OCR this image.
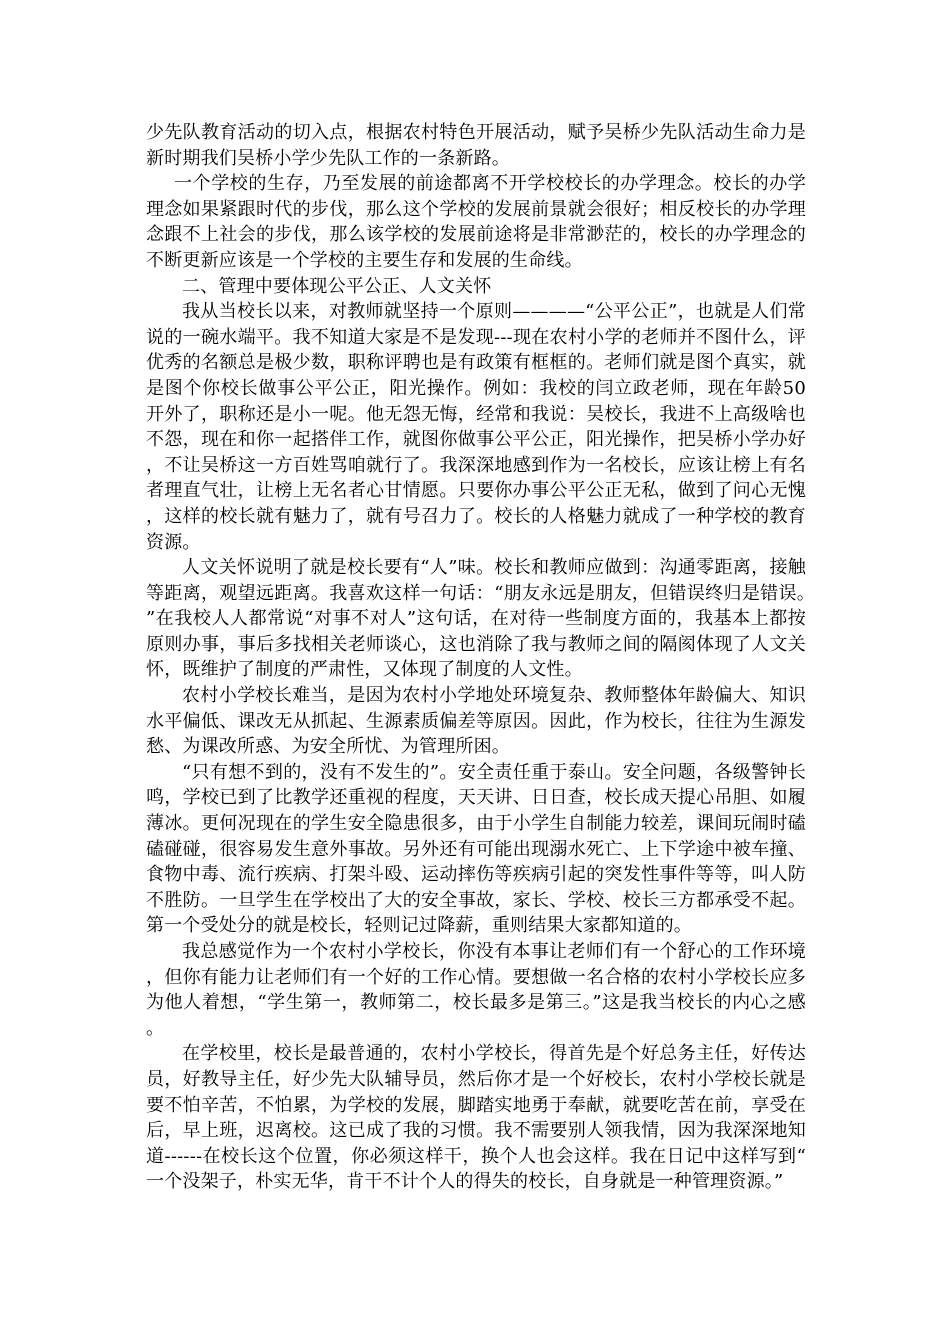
少先队教育活动的切入点，根据农村特色开展活动，赋予吴桥少先队活动生命力是新时期我们吴桥小学少先队工作的一条新路。

一个学校的生存，乃至发展的前途都离不开学校校长的办学理念。校长的办学理念如果紧跟时代的步伐，那么这个学校的发展前景就会很好；相反校长的办学理念跟不上社会的步伐，那么该学校的发展前途将是非常渺茫的，校长的办学理念的不断更新应该是一个学校的主要生存和发展的生命线。

二、管理中要体现公平公正、人文关怀

我从当校长以来，对教师就坚持一个原则————“公平公正”，也就是人们常说的一碗水端平。我不知道大家是不是发现---现在农村小学的老师并不图什么，评优秀的名额总是极少数，职称评聘也是有政策有框框的。老师们就是图个真实，就是图个你校长做事公平公正，阳光操作。例如：我校的闫立政老师，现在年龄50开外了，职称还是小一呢。他无怨无悔，经常和我说：吴校长，我进不上高级啥也不怨，现在和你一起搭伴工作，就图你做事公平公正，阳光操作，把吴桥小学办好，不让吴桥这一方百姓骂咱就行了。我深深地感到作为一名校长，应该让榜上有名者理直气壮，让榜上无名者心甘情愿。只要你办事公平公正无私，做到了问心无愧，这样的校长就有魅力了，就有号召力了。校长的人格魅力就成了一种学校的教育资源。

人文关怀说明了就是校长要有“人”味。校长和教师应做到：沟通零距离，接触等距离，观望远距离。我喜欢这样一句话：“朋友永远是朋友，但错误终归是错误。”在我校人人都常说“对事不对人”这句话，在对待一些制度方面的，我基本上都按原则办事，事后多找相关老师谈心，这也消除了我与教师之间的隔阂体现了人文关怀，既维护了制度的严肃性，又体现了制度的人文性。

农村小学校长难当，是因为农村小学地处环境复杂、教师整体年龄偏大、知识水平偏低、课改无从抓起、生源素质偏差等原因。因此，作为校长，往往为生源发愁、为课改所惑、为安全所忧、为管理所困。

“只有想不到的，没有不发生的”。安全责任重于泰山。安全问题，各级警钟长鸣，学校已到了比教学还重视的程度，天天讲、日日查，校长成天提心吊胆、如履薄冰。更何况现在的学生安全隐患很多，由于小学生自制能力较差，课间玩闹时磕磕碰碰，很容易发生意外事故。另外还有可能出现溺水死亡、上下学途中被车撞、食物中毒、流行疾病、打架斗殴、运动摔伤等疾病引起的突发性事件等等，叫人防不胜防。一旦学生在学校出了大的安全事故，家长、学校、校长三方都承受不起。第一个受处分的就是校长，轻则记过降薪，重则结果大家都知道的。

我总感觉作为一个农村小学校长，你没有本事让老师们有一个舒心的工作环境，但你有能力让老师们有一个好的工作心情。要想做一名合格的农村小学校长应多为他人着想，“学生第一，教师第二，校长最多是第三。”这是我当校长的内心之感。

在学校里，校长是最普通的，农村小学校长，得首先是个好总务主任，好传达员，好教导主任，好少先大队辅导员，然后你才是一个好校长，农村小学校长就是要不怕辛苦，不怕累，为学校的发展，脚踏实地勇于奉献，就要吃苦在前，享受在后，早上班，迟离校。这已成了我的习惯。我不需要别人领我情，因为我深深地知道------在校长这个位置，你必须这样干，换个人也会这样。我在日记中这样写到“一个没架子，朴实无华，肯干不计个人的得失的校长，自身就是一种管理资源。”
